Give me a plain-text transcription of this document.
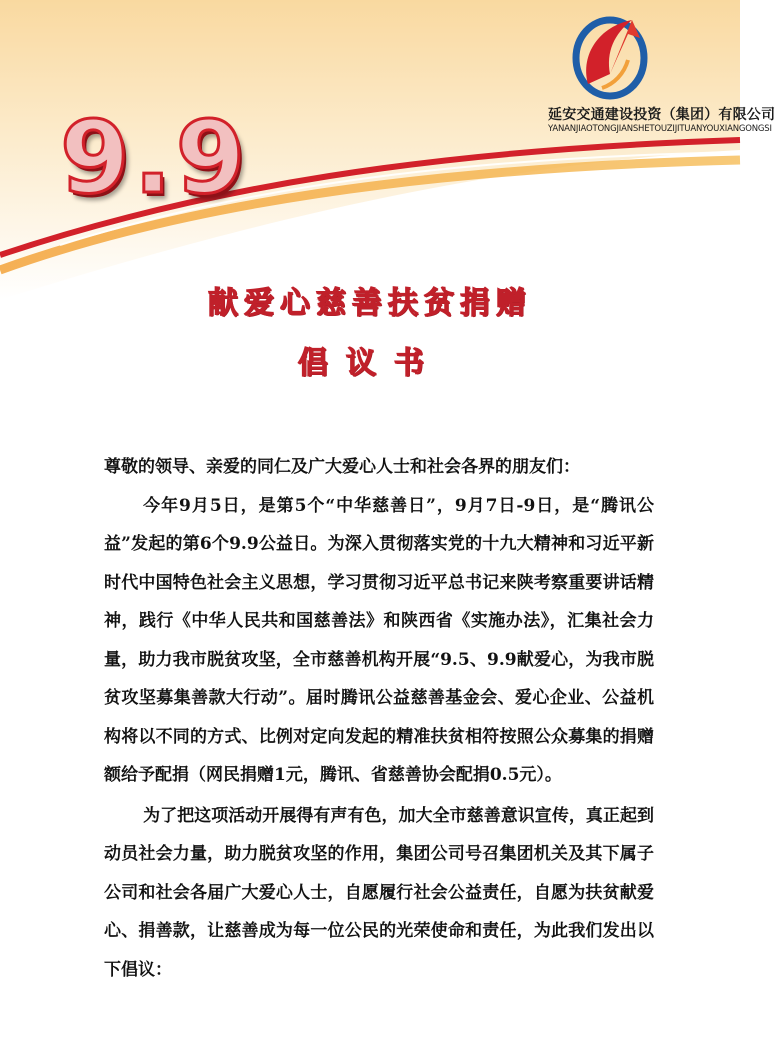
延安交通建设投资（集团）有限公司
YANANJIAOTONGJIANSHETOUZIJITUANYOUXIANGONGSI
9.9
献爱心慈善扶贫捐赠
倡议书

尊敬的领导、亲爱的同仁及广大爱心人士和社会各界的朋友们：

今年9月5日，是第5个“中华慈善日”，9月7日-9日，是“腾讯公益”发起的第6个9.9公益日。为深入贯彻落实党的十九大精神和习近平新时代中国特色社会主义思想，学习贯彻习近平总书记来陕考察重要讲话精神，践行《中华人民共和国慈善法》和陕西省《实施办法》，汇集社会力量，助力我市脱贫攻坚，全市慈善机构开展“9.5、9.9献爱心，为我市脱贫攻坚募集善款大行动”。届时腾讯公益慈善基金会、爱心企业、公益机构将以不同的方式、比例对定向发起的精准扶贫相符按照公众募集的捐赠额给予配捐（网民捐赠1元，腾讯、省慈善协会配捐0.5元）。

为了把这项活动开展得有声有色，加大全市慈善意识宣传，真正起到动员社会力量，助力脱贫攻坚的作用，集团公司号召集团机关及其下属子公司和社会各届广大爱心人士，自愿履行社会公益责任，自愿为扶贫献爱心、捐善款，让慈善成为每一位公民的光荣使命和责任，为此我们发出以下倡议：
